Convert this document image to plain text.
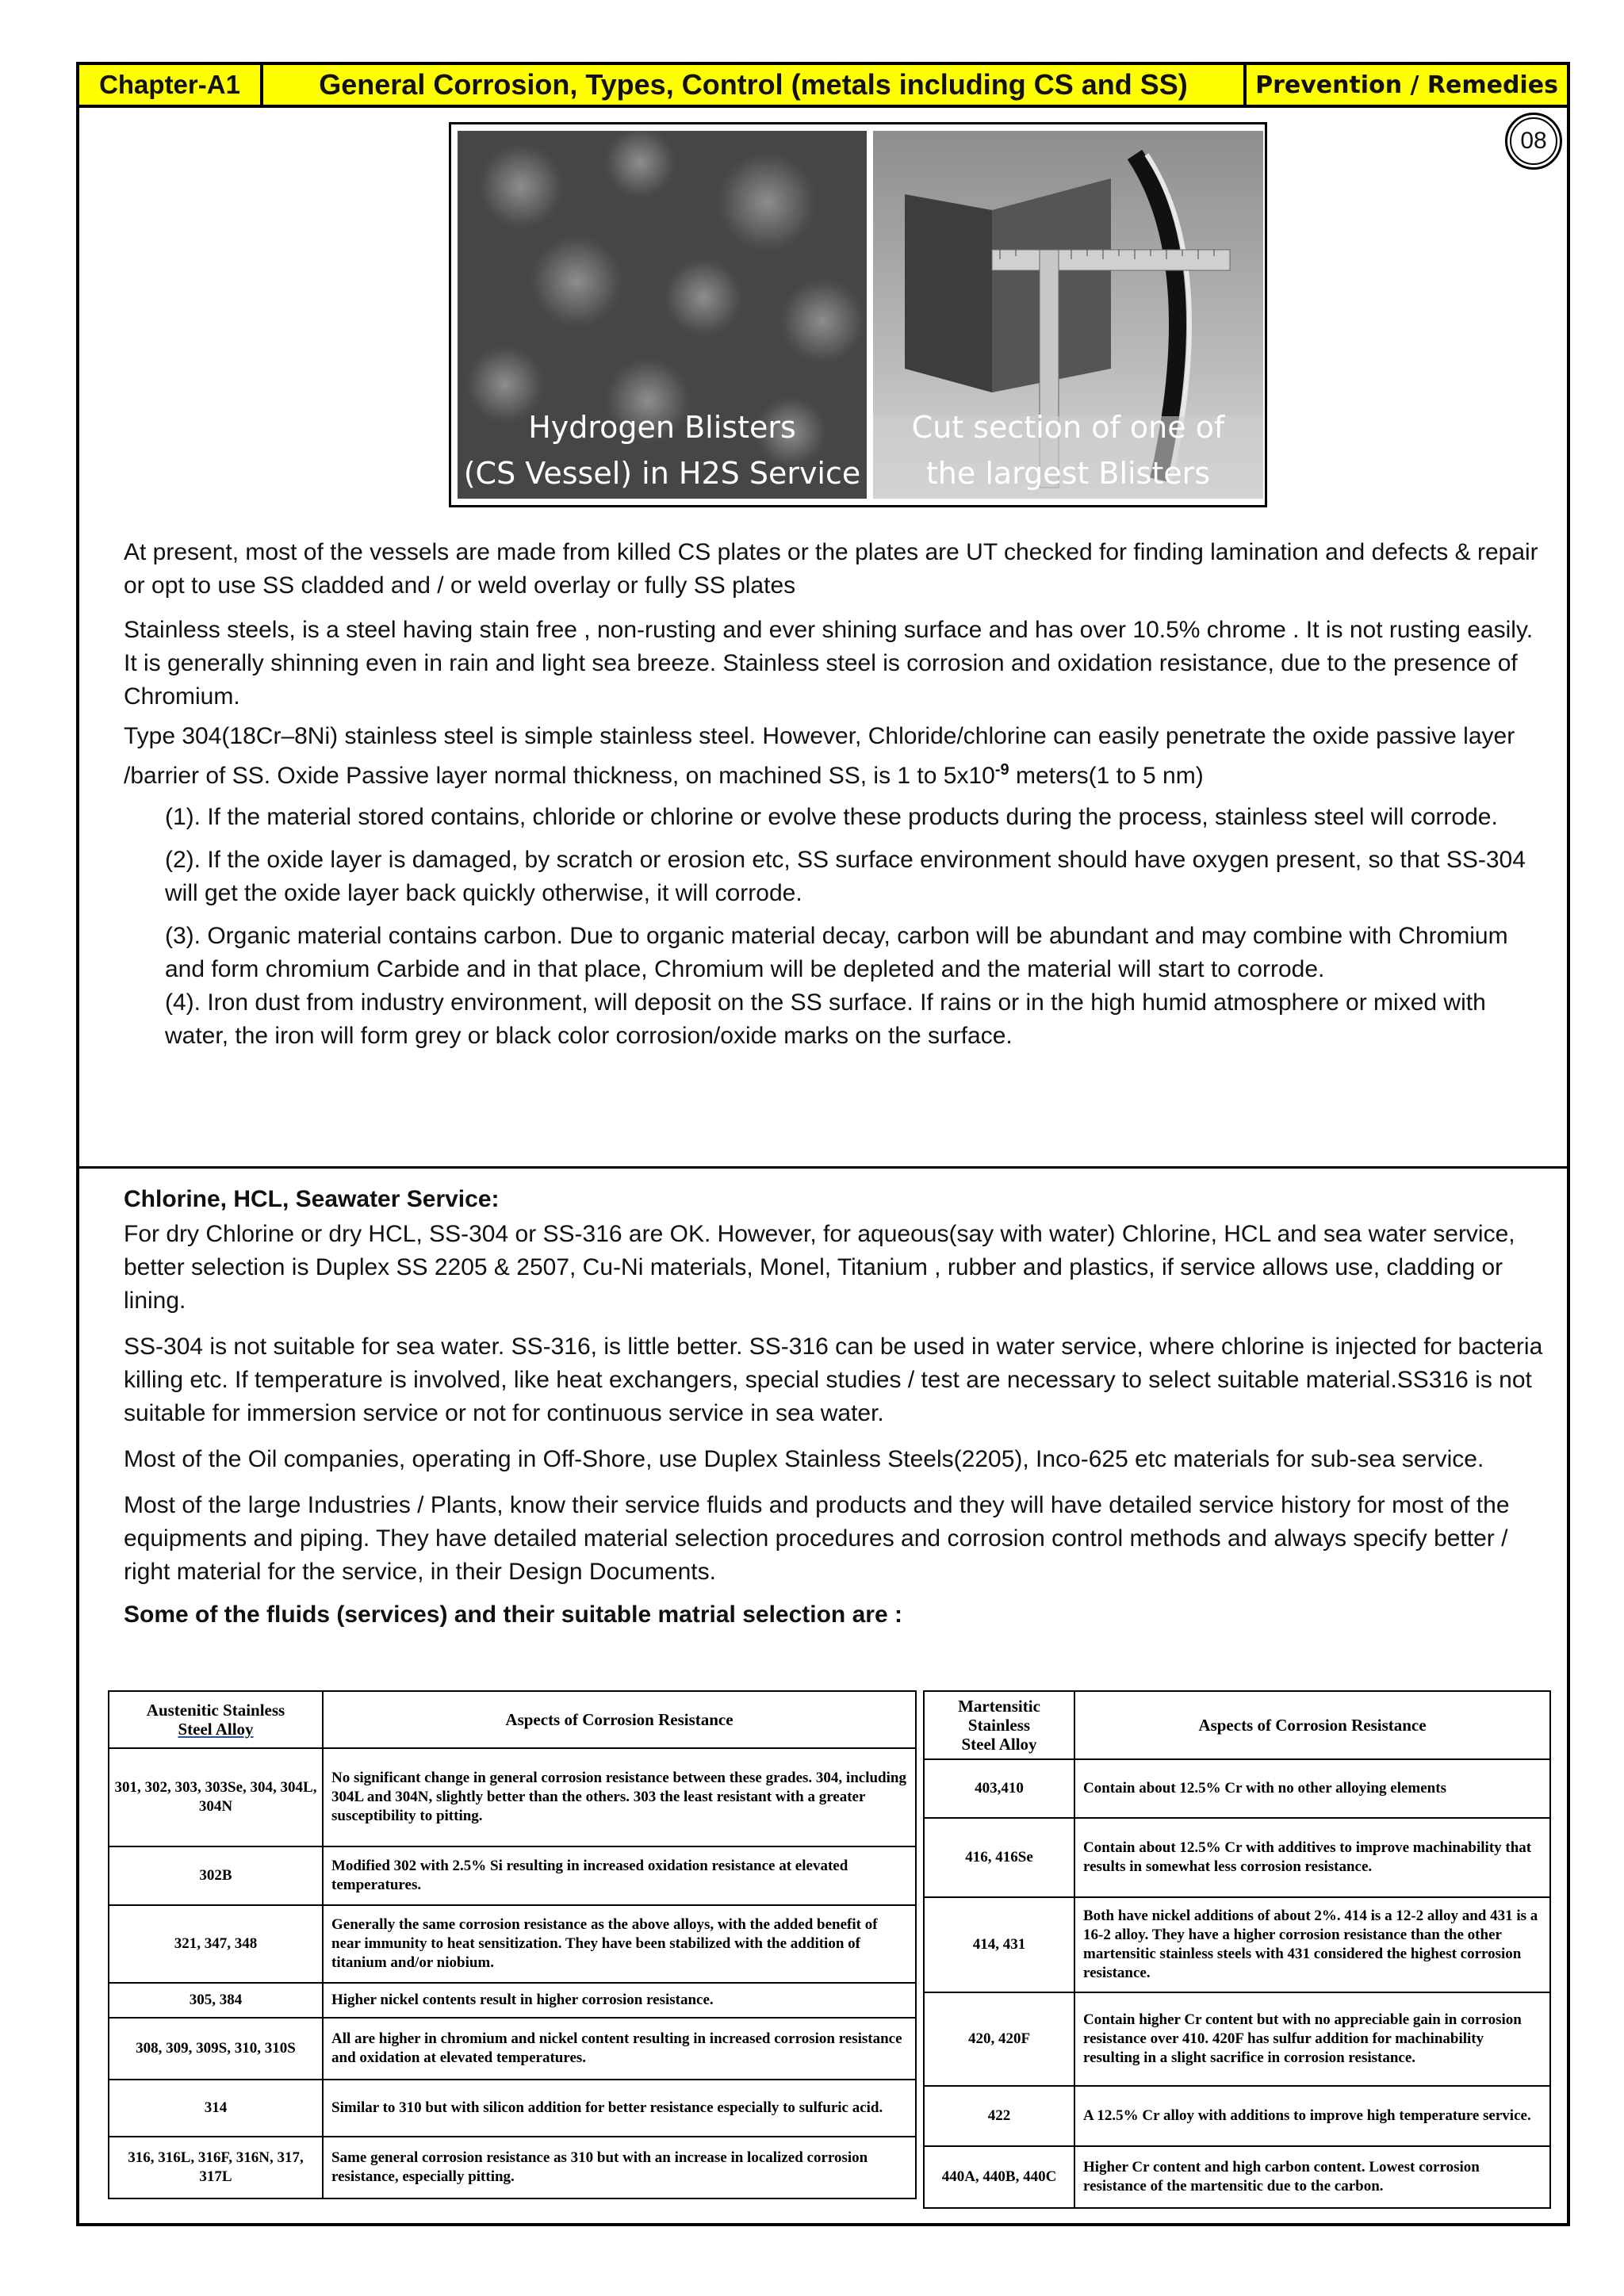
Chapter-A1	General Corrosion, Types, Control (metals including CS and SS)	Prevention / Remedies
08
Hydrogen Blisters
(CS Vessel) in H2S Service
Cut section of one of
the largest Blisters

At present, most of the vessels are made from killed CS plates or the plates are UT checked for finding lamination and defects & repair or opt to use SS cladded and / or weld overlay or fully SS plates

Stainless steels, is a steel having stain free , non-rusting and ever shining surface and has over 10.5% chrome . It is not rusting easily. It is generally shinning even in rain and light sea breeze. Stainless steel is corrosion and oxidation resistance, due to the presence of Chromium.

Type 304(18Cr–8Ni) stainless steel is simple stainless steel. However, Chloride/chlorine can easily penetrate the oxide passive layer /barrier of SS. Oxide Passive layer normal thickness, on machined SS, is 1 to $5x10^{-9}$ meters(1 to 5 nm)

(1). If the material stored contains, chloride or chlorine or evolve these products during the process, stainless steel will corrode.

(2). If the oxide layer is damaged, by scratch or erosion etc, SS surface environment should have oxygen present, so that SS-304 will get the oxide layer back quickly otherwise, it will corrode.

(3). Organic material contains carbon. Due to organic material decay, carbon will be abundant and may combine with Chromium and form chromium Carbide and in that place, Chromium will be depleted and the material will start to corrode.

(4). Iron dust from industry environment, will deposit on the SS surface. If rains or in the high humid atmosphere or mixed with water, the iron will form grey or black color corrosion/oxide marks on the surface.

Chlorine, HCL, Seawater Service:

For dry Chlorine or dry HCL, SS-304 or SS-316 are OK. However, for aqueous(say with water) Chlorine, HCL and sea water service, better selection is Duplex SS 2205 & 2507, Cu-Ni materials, Monel, Titanium , rubber and plastics, if service allows use, cladding or lining.

SS-304 is not suitable for sea water. SS-316, is little better. SS-316 can be used in water service, where chlorine is injected for bacteria killing etc. If temperature is involved, like heat exchangers, special studies / test are necessary to select suitable material.SS316 is not suitable for immersion service or not for continuous service in sea water.

Most of the Oil companies, operating in Off-Shore, use Duplex Stainless Steels(2205), Inco-625 etc materials for sub-sea service.

Most of the large Industries / Plants, know their service fluids and products and they will have detailed service history for most of the equipments and piping. They have detailed material selection procedures and corrosion control methods and always specify better / right material for the service, in their Design Documents.

Some of the fluids (services) and their suitable matrial selection are :

Austenitic Stainless
Steel Alloy	Aspects of Corrosion Resistance
301, 302, 303, 303Se, 304, 304L, 304N	No significant change in general corrosion resistance between these grades. 304, including 304L and 304N, slightly better than the others. 303 the least resistant with a greater susceptibility to pitting.
302B	Modified 302 with 2.5% Si resulting in increased oxidation resistance at elevated temperatures.
321, 347, 348	Generally the same corrosion resistance as the above alloys, with the added benefit of near immunity to heat sensitization. They have been stabilized with the addition of titanium and/or niobium.
305, 384	Higher nickel contents result in higher corrosion resistance.
308, 309, 309S, 310, 310S	All are higher in chromium and nickel content resulting in increased corrosion resistance and oxidation at elevated temperatures.
314	Similar to 310 but with silicon addition for better resistance especially to sulfuric acid.
316, 316L, 316F, 316N, 317, 317L	Same general corrosion resistance as 310 but with an increase in localized corrosion resistance, especially pitting.
Martensitic Stainless
Steel Alloy	Aspects of Corrosion Resistance
403,410	Contain about 12.5% Cr with no other alloying elements
416, 416Se	Contain about 12.5% Cr with additives to improve machinability that results in somewhat less corrosion resistance.
414, 431	Both have nickel additions of about 2%. 414 is a 12-2 alloy and 431 is a 16-2 alloy. They have a higher corrosion resistance than the other martensitic stainless steels with 431 considered the highest corrosion resistance.
420, 420F	Contain higher Cr content but with no appreciable gain in corrosion resistance over 410. 420F has sulfur addition for machinability resulting in a slight sacrifice in corrosion resistance.
422	A 12.5% Cr alloy with additions to improve high temperature service.
440A, 440B, 440C	Higher Cr content and high carbon content. Lowest corrosion resistance of the martensitic due to the carbon.
